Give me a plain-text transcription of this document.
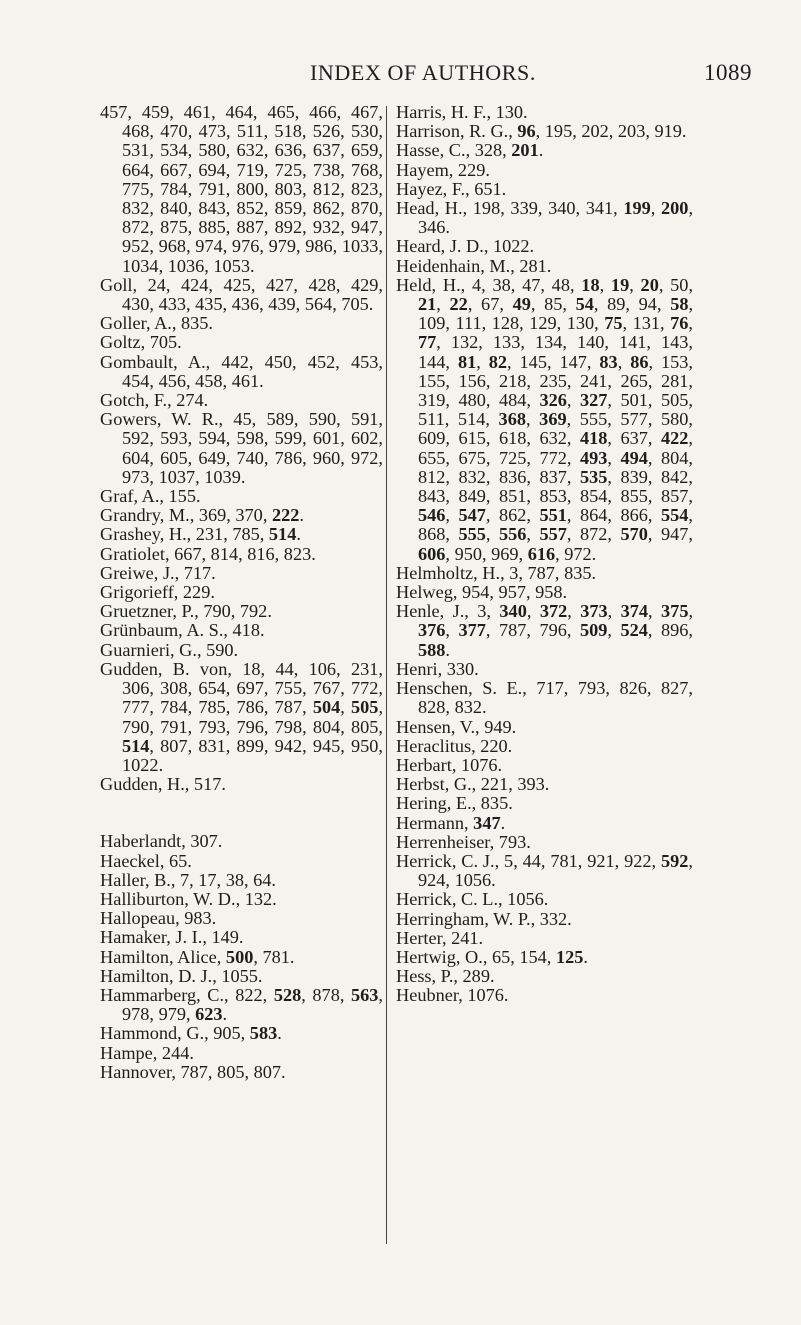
INDEX OF AUTHORS.	1089

457, 459, 461, 464, 465, 466, 467, 468, 470, 473, 511, 518, 526, 530, 531, 534, 580, 632, 636, 637, 659, 664, 667, 694, 719, 725, 738, 768, 775, 784, 791, 800, 803, 812, 823, 832, 840, 843, 852, 859, 862, 870, 872, 875, 885, 887, 892, 932, 947, 952, 968, 974, 976, 979, 986, 1033, 1034, 1036, 1053.

Goll, 24, 424, 425, 427, 428, 429, 430, 433, 435, 436, 439, 564, 705.

Goller, A., 835.

Goltz, 705.

Gombault, A., 442, 450, 452, 453, 454, 456, 458, 461.

Gotch, F., 274.

Gowers, W. R., 45, 589, 590, 591, 592, 593, 594, 598, 599, 601, 602, 604, 605, 649, 740, 786, 960, 972, 973, 1037, 1039.

Graf, A., 155.

Grandry, M., 369, 370, 222.

Grashey, H., 231, 785, 514.

Gratiolet, 667, 814, 816, 823.

Greiwe, J., 717.

Grigorieff, 229.

Gruetzner, P., 790, 792.

Grünbaum, A. S., 418.

Guarnieri, G., 590.

Gudden, B. von, 18, 44, 106, 231, 306, 308, 654, 697, 755, 767, 772, 777, 784, 785, 786, 787, 504, 505, 790, 791, 793, 796, 798, 804, 805, 514, 807, 831, 899, 942, 945, 950, 1022.

Gudden, H., 517.

Haberlandt, 307.

Haeckel, 65.

Haller, B., 7, 17, 38, 64.

Halliburton, W. D., 132.

Hallopeau, 983.

Hamaker, J. I., 149.

Hamilton, Alice, 500, 781.

Hamilton, D. J., 1055.

Hammarberg, C., 822, 528, 878, 563, 978, 979, 623.

Hammond, G., 905, 583.

Hampe, 244.

Hannover, 787, 805, 807.

Harris, H. F., 130.

Harrison, R. G., 96, 195, 202, 203, 919.

Hasse, C., 328, 201.

Hayem, 229.

Hayez, F., 651.

Head, H., 198, 339, 340, 341, 199, 200, 346.

Heard, J. D., 1022.

Heidenhain, M., 281.

Held, H., 4, 38, 47, 48, 18, 19, 20, 50, 21, 22, 67, 49, 85, 54, 89, 94, 58, 109, 111, 128, 129, 130, 75, 131, 76, 77, 132, 133, 134, 140, 141, 143, 144, 81, 82, 145, 147, 83, 86, 153, 155, 156, 218, 235, 241, 265, 281, 319, 480, 484, 326, 327, 501, 505, 511, 514, 368, 369, 555, 577, 580, 609, 615, 618, 632, 418, 637, 422, 655, 675, 725, 772, 493, 494, 804, 812, 832, 836, 837, 535, 839, 842, 843, 849, 851, 853, 854, 855, 857, 546, 547, 862, 551, 864, 866, 554, 868, 555, 556, 557, 872, 570, 947, 606, 950, 969, 616, 972.

Helmholtz, H., 3, 787, 835.

Helweg, 954, 957, 958.

Henle, J., 3, 340, 372, 373, 374, 375, 376, 377, 787, 796, 509, 524, 896, 588.

Henri, 330.

Henschen, S. E., 717, 793, 826, 827, 828, 832.

Hensen, V., 949.

Heraclitus, 220.

Herbart, 1076.

Herbst, G., 221, 393.

Hering, E., 835.

Hermann, 347.

Herrenheiser, 793.

Herrick, C. J., 5, 44, 781, 921, 922, 592, 924, 1056.

Herrick, C. L., 1056.

Herringham, W. P., 332.

Herter, 241.

Hertwig, O., 65, 154, 125.

Hess, P., 289.

Heubner, 1076.
